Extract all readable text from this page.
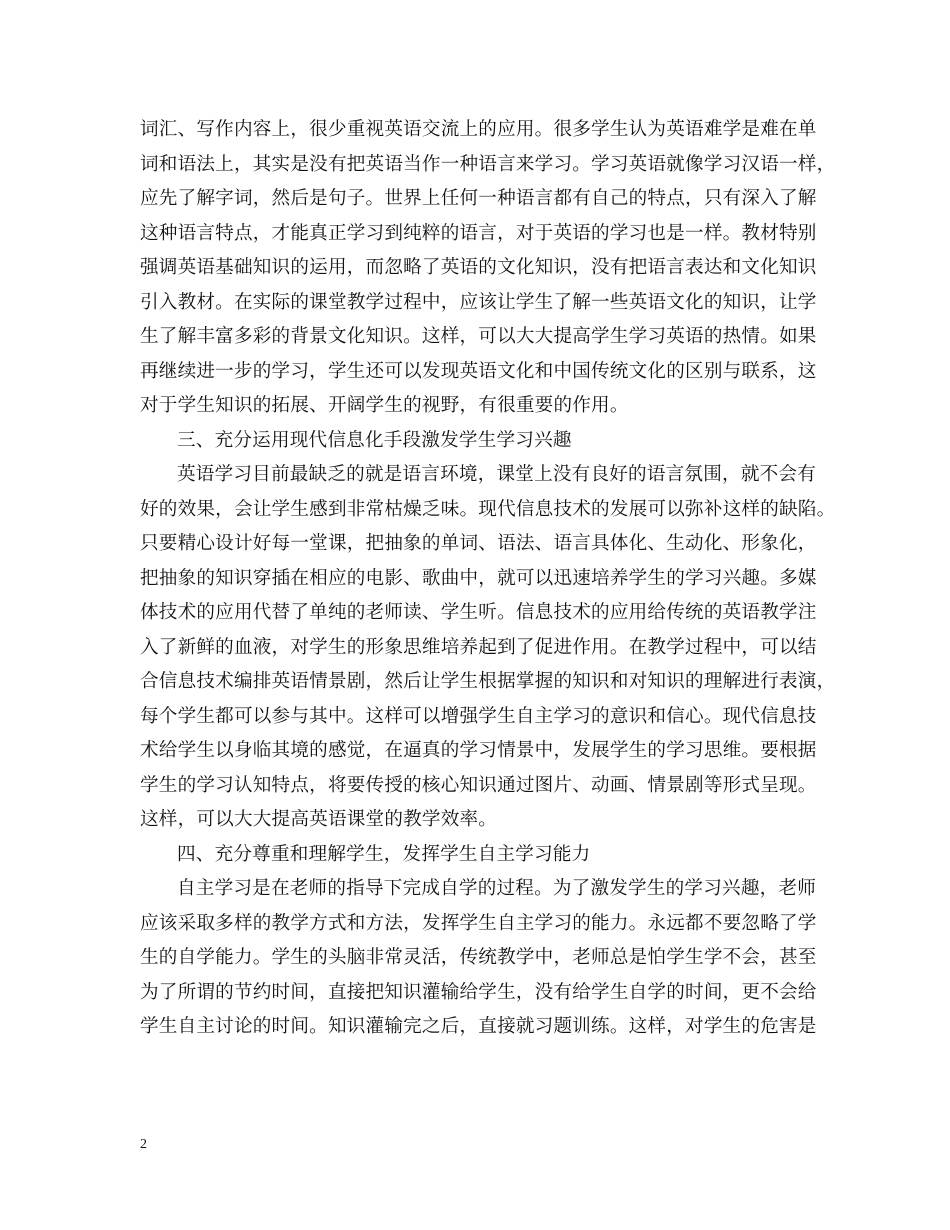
词汇、写作内容上，很少重视英语交流上的应用。很多学生认为英语难学是难在单
词和语法上，其实是没有把英语当作一种语言来学习。学习英语就像学习汉语一样，
应先了解字词，然后是句子。世界上任何一种语言都有自己的特点，只有深入了解
这种语言特点，才能真正学习到纯粹的语言，对于英语的学习也是一样。教材特别
强调英语基础知识的运用，而忽略了英语的文化知识，没有把语言表达和文化知识
引入教材。在实际的课堂教学过程中，应该让学生了解一些英语文化的知识，让学
生了解丰富多彩的背景文化知识。这样，可以大大提高学生学习英语的热情。如果
再继续进一步的学习，学生还可以发现英语文化和中国传统文化的区别与联系，这
对于学生知识的拓展、开阔学生的视野，有很重要的作用。
三、充分运用现代信息化手段激发学生学习兴趣
英语学习目前最缺乏的就是语言环境，课堂上没有良好的语言氛围，就不会有
好的效果，会让学生感到非常枯燥乏味。现代信息技术的发展可以弥补这样的缺陷。
只要精心设计好每一堂课，把抽象的单词、语法、语言具体化、生动化、形象化，
把抽象的知识穿插在相应的电影、歌曲中，就可以迅速培养学生的学习兴趣。多媒
体技术的应用代替了单纯的老师读、学生听。信息技术的应用给传统的英语教学注
入了新鲜的血液，对学生的形象思维培养起到了促进作用。在教学过程中，可以结
合信息技术编排英语情景剧，然后让学生根据掌握的知识和对知识的理解进行表演，
每个学生都可以参与其中。这样可以增强学生自主学习的意识和信心。现代信息技
术给学生以身临其境的感觉，在逼真的学习情景中，发展学生的学习思维。要根据
学生的学习认知特点，将要传授的核心知识通过图片、动画、情景剧等形式呈现。
这样，可以大大提高英语课堂的教学效率。
四、充分尊重和理解学生，发挥学生自主学习能力
自主学习是在老师的指导下完成自学的过程。为了激发学生的学习兴趣，老师
应该采取多样的教学方式和方法，发挥学生自主学习的能力。永远都不要忽略了学
生的自学能力。学生的头脑非常灵活，传统教学中，老师总是怕学生学不会，甚至
为了所谓的节约时间，直接把知识灌输给学生，没有给学生自学的时间，更不会给
学生自主讨论的时间。知识灌输完之后，直接就习题训练。这样，对学生的危害是
2
